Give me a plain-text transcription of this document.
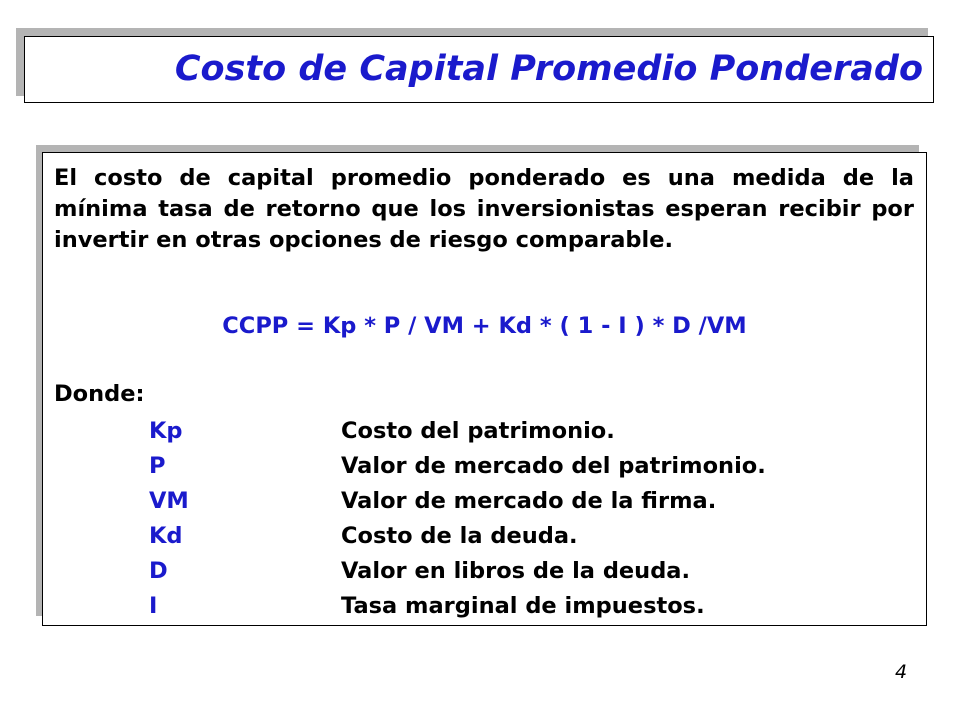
Costo de Capital Promedio Ponderado

El costo de capital promedio ponderado es una medida de la mínima tasa de retorno que los inversionistas esperan recibir por invertir en otras opciones de riesgo comparable.

CCPP = Kp * P / VM + Kd * ( 1 - I ) * D /VM

Donde:

Kp	Costo del patrimonio.
P	Valor de mercado del patrimonio.
VM	Valor de mercado de la firma.
Kd	Costo de la deuda.
D	Valor en libros de la deuda.
I	Tasa marginal de impuestos.

4
